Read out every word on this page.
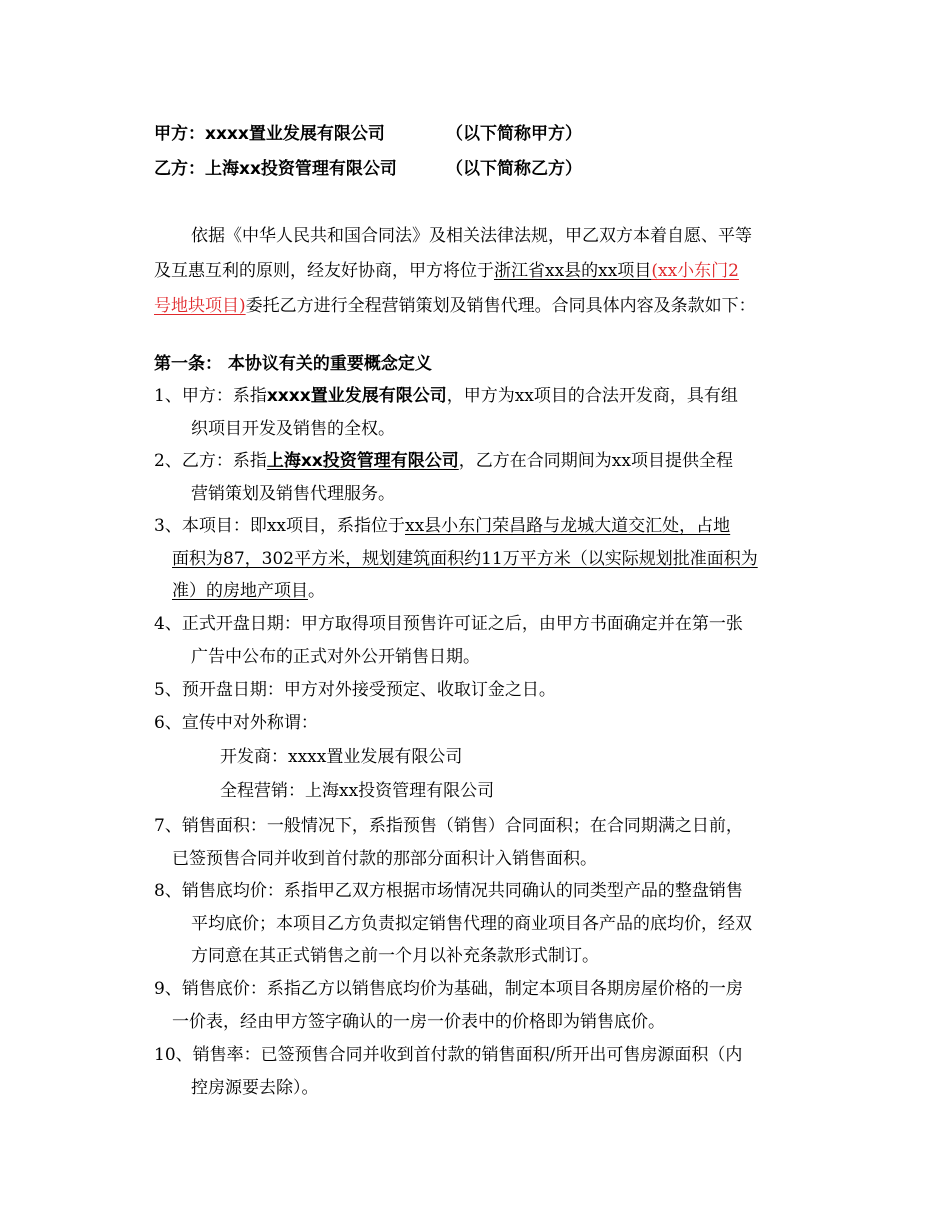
甲方：xxxx置业发展有限公司	（以下简称甲方）
乙方：上海xx投资管理有限公司	（以下简称乙方）
依据《中华人民共和国合同法》及相关法律法规，甲乙双方本着自愿、平等
及互惠互利的原则，经友好协商，甲方将位于浙江省xx县的xx项目(xx小东门2
号地块项目)委托乙方进行全程营销策划及销售代理。合同具体内容及条款如下：
第一条： 本协议有关的重要概念定义
1、甲方：系指xxxx置业发展有限公司，甲方为xx项目的合法开发商，具有组
织项目开发及销售的全权。
2、乙方：系指上海xx投资管理有限公司，乙方在合同期间为xx项目提供全程
营销策划及销售代理服务。
3、本项目：即xx项目，系指位于xx县小东门荣昌路与龙城大道交汇处，占地
面积为87，302平方米，规划建筑面积约11万平方米（以实际规划批准面积为
准）的房地产项目。
4、正式开盘日期：甲方取得项目预售许可证之后，由甲方书面确定并在第一张
广告中公布的正式对外公开销售日期。
5、预开盘日期：甲方对外接受预定、收取订金之日。
6、宣传中对外称谓：
开发商：xxxx置业发展有限公司
全程营销：上海xx投资管理有限公司
7、销售面积：一般情况下，系指预售（销售）合同面积；在合同期满之日前，
已签预售合同并收到首付款的那部分面积计入销售面积。
8、销售底均价：系指甲乙双方根据市场情况共同确认的同类型产品的整盘销售
平均底价；本项目乙方负责拟定销售代理的商业项目各产品的底均价，经双
方同意在其正式销售之前一个月以补充条款形式制订。
9、销售底价：系指乙方以销售底均价为基础，制定本项目各期房屋价格的一房
一价表，经由甲方签字确认的一房一价表中的价格即为销售底价。
10、销售率：已签预售合同并收到首付款的销售面积/所开出可售房源面积（内
控房源要去除）。
